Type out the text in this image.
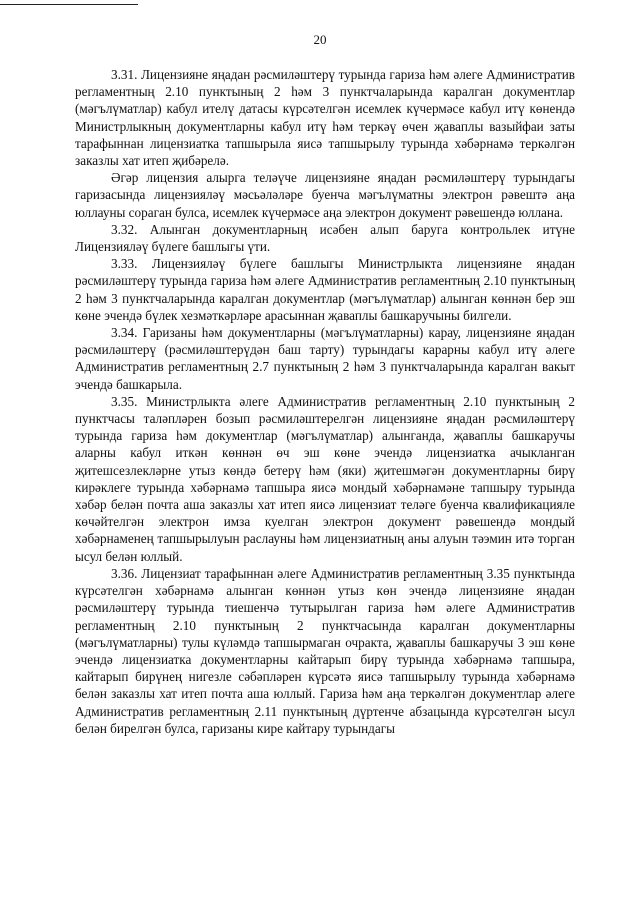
20

3.31. Лицензияне яңадан рәсмиләштерү турында гариза һәм әлеге Административ регламентның 2.10 пунктының 2 һәм 3 пунктчаларында каралган документлар (мәгълүматлар) кабул ителү датасы күрсәтелгән исемлек күчермәсе кабул итү көнендә Министрлыкның документларны кабул итү һәм теркәү өчен җаваплы вазыйфаи заты тарафыннан лицензиатка тапшырыла яисә тапшырылу турында хәбәрнамә теркәлгән заказлы хат итеп җибәрелә.

Әгәр лицензия алырга теләүче лицензияне яңадан рәсмиләштерү турындагы гаризасында лицензияләү мәсьәләләре буенча мәгълүматны электрон рәвештә аңа юллауны сораган булса, исемлек күчермәсе аңа электрон документ рәвешендә юллана.

3.32. Алынган документларның исәбен алып баруга контрольлек итүне Лицензияләү бүлеге башлыгы үти.

3.33. Лицензияләү бүлеге башлыгы Министрлыкта лицензияне яңадан рәсмиләштерү турында гариза һәм әлеге Административ регламентның 2.10 пунктының 2 һәм 3 пунктчаларында каралган документлар (мәгълүматлар) алынган көннән бер эш көне эчендә бүлек хезмәткәрләре арасыннан җаваплы башкаручыны билгели.

3.34. Гаризаны һәм документларны (мәгълүматларны) карау, лицензияне яңадан рәсмиләштерү (рәсмиләштерүдән баш тарту) турындагы карарны кабул итү әлеге Административ регламентның 2.7 пунктының 2 һәм 3 пунктчаларында каралган вакыт эчендә башкарыла.

3.35. Министрлыкта әлеге Административ регламентның 2.10 пунктының 2 пунктчасы таләпләрен бозып рәсмиләштерелгән лицензияне яңадан рәсмиләштерү турында гариза һәм документлар (мәгълүматлар) алынганда, җаваплы башкаручы аларны кабул иткән көннән өч эш көне эчендә лицензиатка ачыкланган җитешсезлекләрне утыз көндә бетерү һәм (яки) җитешмәгән документларны бирү кирәклеге турында хәбәрнамә тапшыра яисә мондый хәбәрнамәне тапшыру турында хәбәр белән почта аша заказлы хат итеп яисә лицензиат теләге буенча квалификацияле көчәйтелгән электрон имза куелган электрон документ рәвешендә мондый хәбәрнаменең тапшырылуын раслауны һәм лицензиатның аны алуын тәэмин итә торган ысул белән юллый.

3.36. Лицензиат тарафыннан әлеге Административ регламентның 3.35 пунктында күрсәтелгән хәбәрнамә алынган көннән утыз көн эчендә лицензияне яңадан рәсмиләштерү турында тиешенчә тутырылган гариза һәм әлеге Административ регламентның 2.10 пунктының 2 пунктчасында каралган документларны (мәгълүматларны) тулы күләмдә тапшырмаган очракта, җаваплы башкаручы 3 эш көне эчендә лицензиатка документларны кайтарып бирү турында хәбәрнамә тапшыра, кайтарып бирүнең нигезле сәбәпләрен күрсәтә яисә тапшырылу турында хәбәрнамә белән заказлы хат итеп почта аша юллый. Гариза һәм аңа теркәлгән документлар әлеге Административ регламентның 2.11 пунктының дүртенче абзацында күрсәтелгән ысул белән бирелгән булса, гаризаны кире кайтару турындагы
